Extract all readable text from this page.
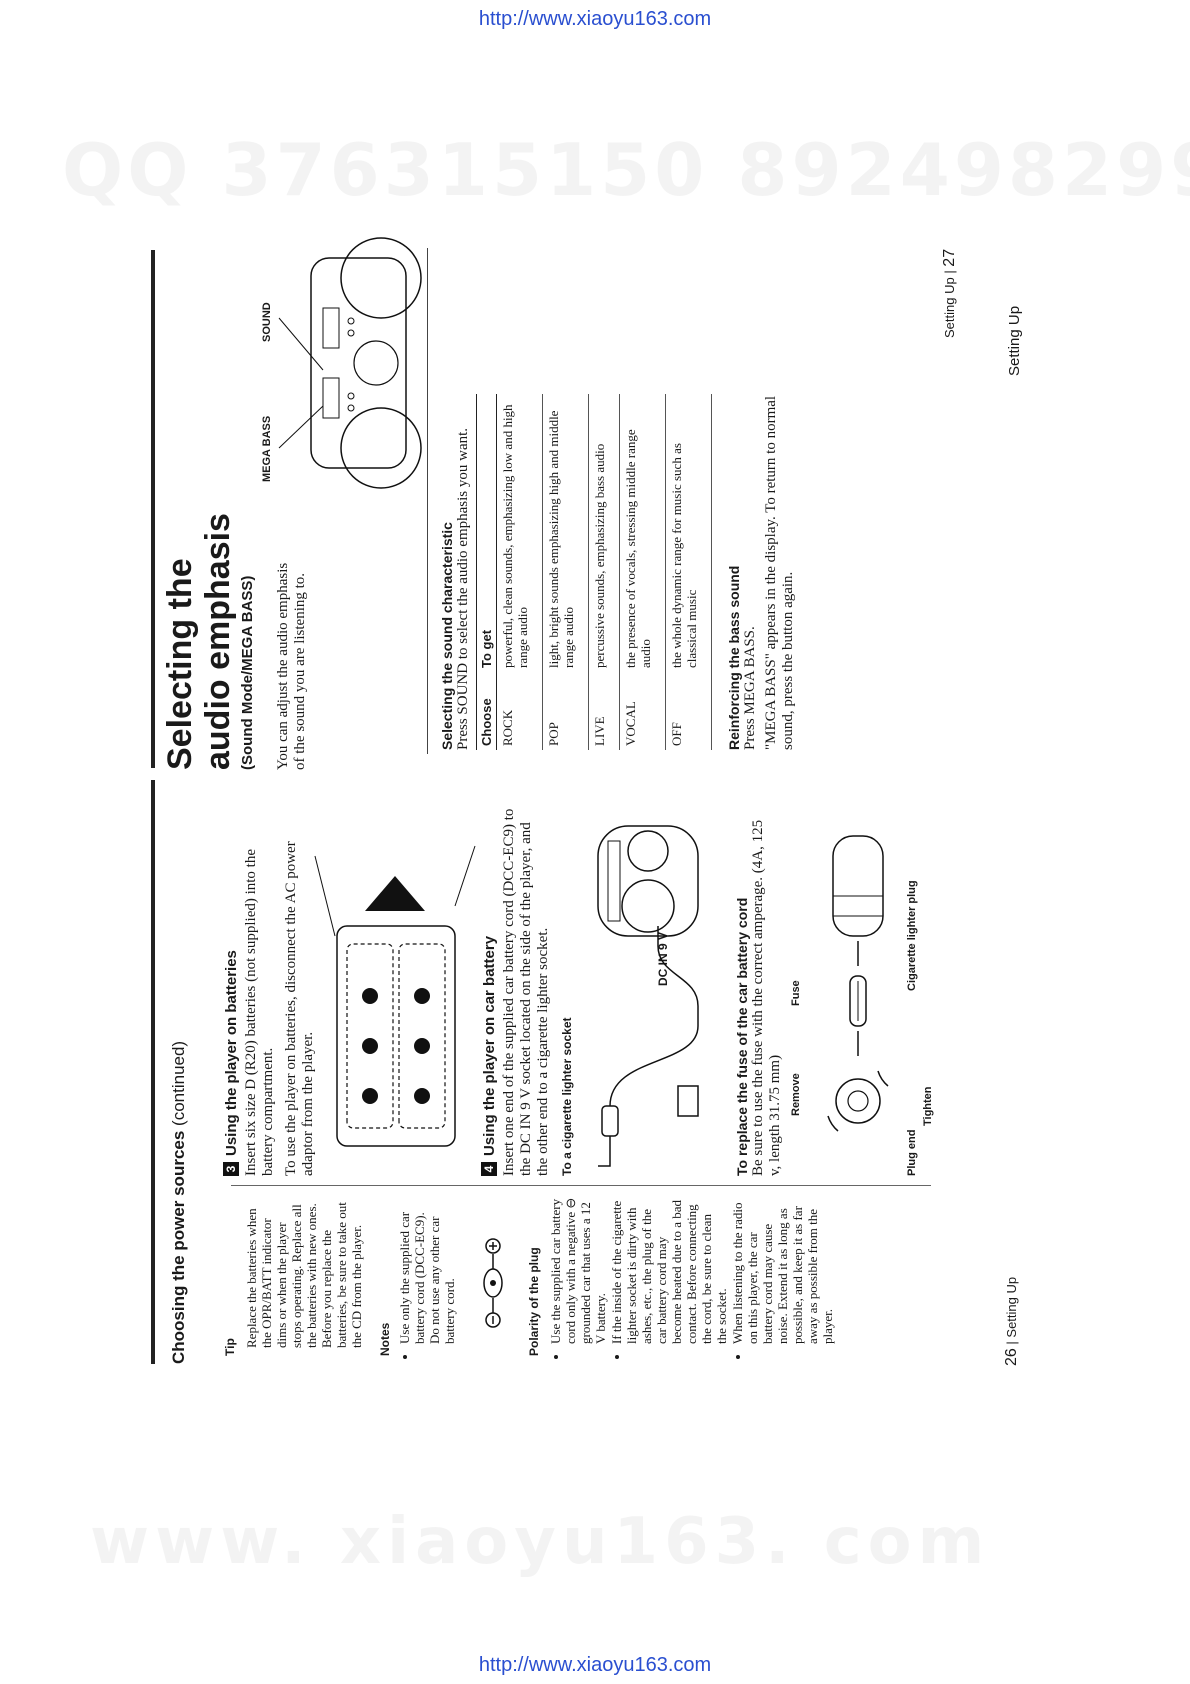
http://www.xiaoyu163.com
Choosing the power sources (continued)
Tip Replace the batteries when the OPR/BATT indicator dims or when the player stops operating. Replace all the batteries with new ones. Before you replace the batteries, be sure to take out the CD from the player. Notes • Use only the supplied car battery cord (DCC-EC9). Do not use any other car battery cord.	Polarity of the plug • Use the supplied car battery cord only with a negative ⊖ grounded car that uses a 12 V battery. • If the inside of the cigarette lighter socket is dirty with ashes, etc., the plug of the car battery cord may become heated due to a bad contact. Before connecting the cord, be sure to clean the socket. • When listening to the radio on this player, the car battery cord may cause noise. Extend it as long as possible, and keep it as far away as possible from the player.
3Using the player on batteries Insert six size D (R20) batteries (not supplied) into the battery compartment. To use the player on batteries, disconnect the AC power adaptor from the player.	4Using the player on car battery Insert one end of the supplied car battery cord (DCC-EC9) to the DC IN 9 V socket located on the side of the player, and the other end to a cigarette lighter socket. To a cigarette lighter socket
DC IN 9 V	To replace the fuse of the car battery cord Be sure to use the fuse with the correct amperage. (4A, 125 v, length 31.75 mm) Remove
Fuse
Plug end
Tighten
Cigarette lighter plug
26 | Setting Up
Selecting the audio emphasis (Sound Mode/MEGA BASS) You can adjust the audio emphasis of the sound you are listening to.	Selecting the sound characteristic Press SOUND to select the audio emphasis you want. Choose	To get
ROCK	powerful, clean sounds, emphasizing low and high range audio
POP	light, bright sounds emphasizing high and middle range audio
LIVE	percussive sounds, emphasizing bass audio
VOCAL	the presence of vocals, stressing middle range audio
OFF	the whole dynamic range for music such as classical music Reinforcing the bass sound Press MEGA BASS. "MEGA BASS" appears in the display. To return to normal sound, press the button again.
MEGA BASS
SOUND	Setting Up
Setting Up | 27
http://www.xiaoyu163.com
